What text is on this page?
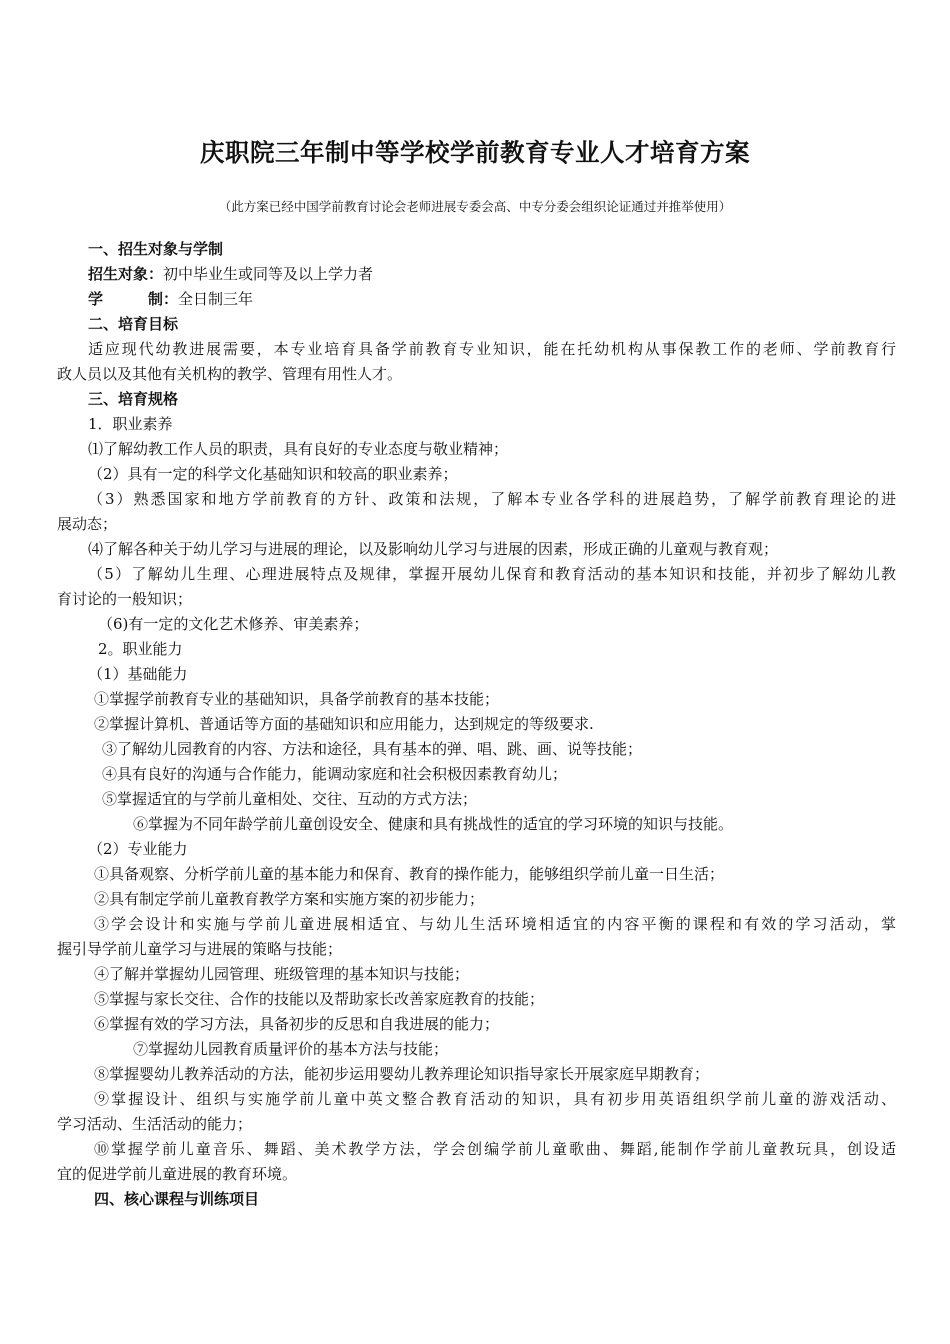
庆职院三年制中等学校学前教育专业人才培育方案
（此方案已经中国学前教育讨论会老师进展专委会高、中专分委会组织论证通过并推举使用）
一、招生对象与学制
招生对象：初中毕业生或同等及以上学力者
学　　　制：全日制三年
二、培育目标
适应现代幼教进展需要，本专业培育具备学前教育专业知识，能在托幼机构从事保教工作的老师、学前教育行
政人员以及其他有关机构的教学、管理有用性人才。
三、培育规格
1．职业素养
⑴了解幼教工作人员的职责，具有良好的专业态度与敬业精神；
（2）具有一定的科学文化基础知识和较高的职业素养；
（3）熟悉国家和地方学前教育的方针、政策和法规，了解本专业各学科的进展趋势，了解学前教育理论的进
展动态；
⑷了解各种关于幼儿学习与进展的理论，以及影响幼儿学习与进展的因素，形成正确的儿童观与教育观；
（5）了解幼儿生理、心理进展特点及规律，掌握开展幼儿保育和教育活动的基本知识和技能，并初步了解幼儿教
育讨论的一般知识；
（6)有一定的文化艺术修养、审美素养；
2。职业能力
（1）基础能力
①掌握学前教育专业的基础知识，具备学前教育的基本技能；
②掌握计算机、普通话等方面的基础知识和应用能力，达到规定的等级要求.
③了解幼儿园教育的内容、方法和途径，具有基本的弹、唱、跳、画、说等技能；
④具有良好的沟通与合作能力，能调动家庭和社会积极因素教育幼儿；
⑤掌握适宜的与学前儿童相处、交往、互动的方式方法；
⑥掌握为不同年龄学前儿童创设安全、健康和具有挑战性的适宜的学习环境的知识与技能。
（2）专业能力
①具备观察、分析学前儿童的基本能力和保育、教育的操作能力，能够组织学前儿童一日生活；
②具有制定学前儿童教育教学方案和实施方案的初步能力；
③学会设计和实施与学前儿童进展相适宜、与幼儿生活环境相适宜的内容平衡的课程和有效的学习活动，掌
握引导学前儿童学习与进展的策略与技能；
④了解并掌握幼儿园管理、班级管理的基本知识与技能；
⑤掌握与家长交往、合作的技能以及帮助家长改善家庭教育的技能；
⑥掌握有效的学习方法，具备初步的反思和自我进展的能力；
⑦掌握幼儿园教育质量评价的基本方法与技能；
⑧掌握婴幼儿教养活动的方法，能初步运用婴幼儿教养理论知识指导家长开展家庭早期教育；
⑨掌握设计、组织与实施学前儿童中英文整合教育活动的知识，具有初步用英语组织学前儿童的游戏活动、
学习活动、生活活动的能力；
⑩掌握学前儿童音乐、舞蹈、美术教学方法，学会创编学前儿童歌曲、舞蹈,能制作学前儿童教玩具，创设适
宜的促进学前儿童进展的教育环境。
四、核心课程与训练项目
